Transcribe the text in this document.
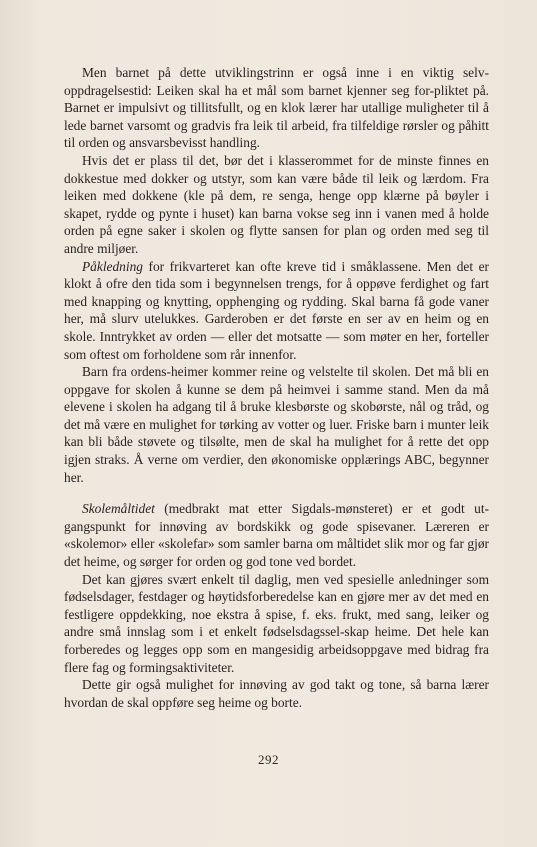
Men barnet på dette utviklingstrinn er også inne i en viktig selv-oppdragelsestid: Leiken skal ha et mål som barnet kjenner seg for-pliktet på. Barnet er impulsivt og tillitsfullt, og en klok lærer har utallige muligheter til å lede barnet varsomt og gradvis fra leik til arbeid, fra tilfeldige rørsler og påhitt til orden og ansvarsbevisst handling.

Hvis det er plass til det, bør det i klasserommet for de minste finnes en dokkestue med dokker og utstyr, som kan være både til leik og lærdom. Fra leiken med dokkene (kle på dem, re senga, henge opp klærne på bøyler i skapet, rydde og pynte i huset) kan barna vokse seg inn i vanen med å holde orden på egne saker i skolen og flytte sansen for plan og orden med seg til andre miljøer.

Påkledning for frikvarteret kan ofte kreve tid i småklassene. Men det er klokt å ofre den tida som i begynnelsen trengs, for å oppøve ferdighet og fart med knapping og knytting, opphenging og rydding. Skal barna få gode vaner her, må slurv utelukkes. Garderoben er det første en ser av en heim og en skole. Inntrykket av orden — eller det motsatte — som møter en her, forteller som oftest om forholdene som rår innenfor.

Barn fra ordens-heimer kommer reine og velstelte til skolen. Det må bli en oppgave for skolen å kunne se dem på heimvei i samme stand. Men da må elevene i skolen ha adgang til å bruke klesbørste og skobørste, nål og tråd, og det må være en mulighet for tørking av votter og luer. Friske barn i munter leik kan bli både støvete og tilsølte, men de skal ha mulighet for å rette det opp igjen straks. Å verne om verdier, den økonomiske opplærings ABC, begynner her.

Skolemåltidet (medbrakt mat etter Sigdals-mønsteret) er et godt ut-gangspunkt for innøving av bordskikk og gode spisevaner. Læreren er «skolemor» eller «skolefar» som samler barna om måltidet slik mor og far gjør det heime, og sørger for orden og god tone ved bordet.

Det kan gjøres svært enkelt til daglig, men ved spesielle anledninger som fødselsdager, festdager og høytidsforberedelse kan en gjøre mer av det med en festligere oppdekking, noe ekstra å spise, f. eks. frukt, med sang, leiker og andre små innslag som i et enkelt fødselsdagssel-skap heime. Det hele kan forberedes og legges opp som en mangesidig arbeidsoppgave med bidrag fra flere fag og formingsaktiviteter.

Dette gir også mulighet for innøving av god takt og tone, så barna lærer hvordan de skal oppføre seg heime og borte.

292
